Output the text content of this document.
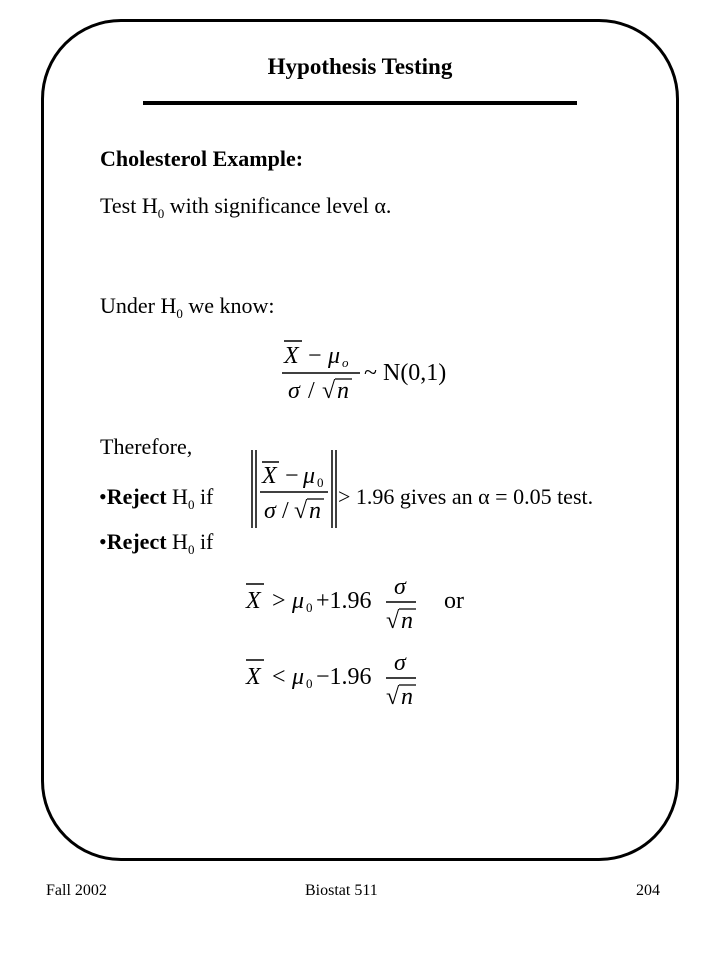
Hypothesis Testing
Cholesterol Example:
Test $H_0$ with significance level α.
Under $H_0$ we know:
X − μ o
σ / √ n
~ N(0,1)
Therefore,
•Reject $H_0$ if
X − μ 0
σ / √ n
> 1.96 gives an α = 0.05 test.
•Reject $H_0$ if
X > μ 0 +1.96
σ
√ n
or
X < μ 0 −1.96
σ
√ n
Fall 2002	Biostat 511	204
